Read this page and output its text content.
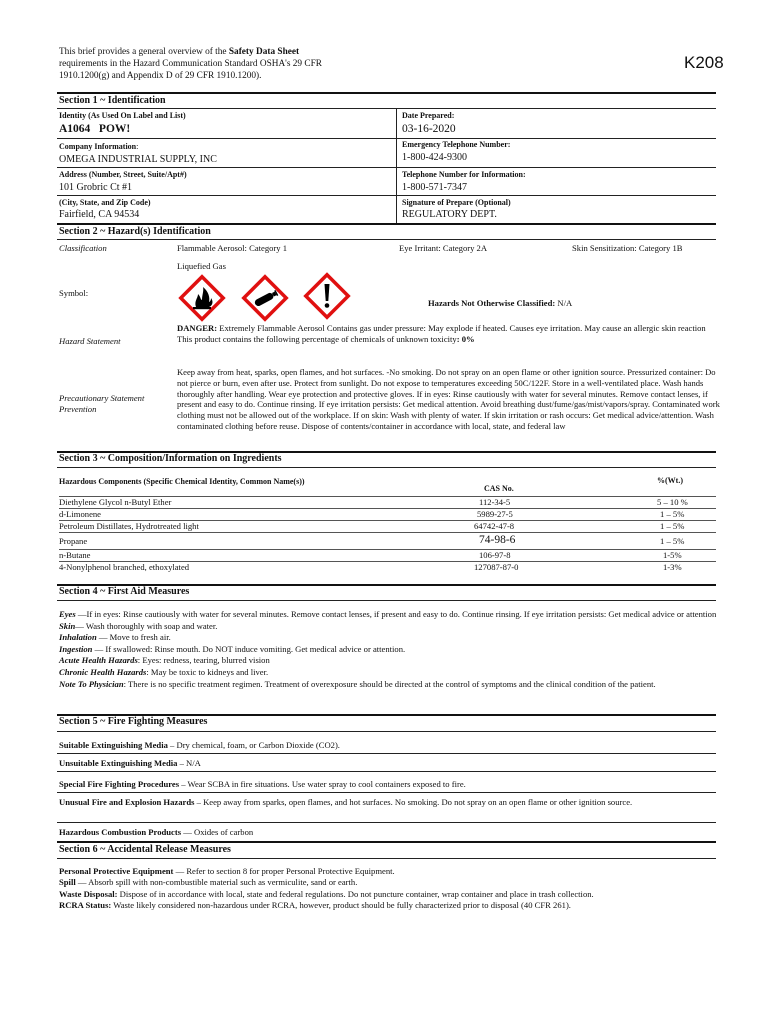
This brief provides a general overview of the Safety Data Sheet
requirements in the Hazard Communication Standard OSHA's 29 CFR
1910.1200(g) and Appendix D of 29 CFR 1910.1200).
K208
Section 1 ~ Identification
Identity (As Used On Label and List)
A1064   POW!
Date Prepared:
03-16-2020
Company Information:
OMEGA INDUSTRIAL SUPPLY, INC
Emergency Telephone Number:
1-800-424-9300
Address (Number, Street, Suite/Apt#)
101 Grobric Ct #1
Telephone Number for Information:
1-800-571-7347
(City, State, and Zip Code)
Fairfield, CA 94534
Signature of Prepare (Optional)
REGULATORY DEPT.
Section 2 ~ Hazard(s) Identification
Classification	Flammable Aerosol: Category 1	Eye Irritant: Category 2A	Skin Sensitization: Category 1B
Liquefied Gas
Symbol:
Hazards Not Otherwise Classified: N/A
Hazard Statement
DANGER: Extremely Flammable Aerosol Contains gas under pressure: May explode if heated. Causes eye irritation. May cause an allergic skin reaction
This product contains the following percentage of chemicals of unknown toxicity: 0%
Precautionary Statement
Prevention
Keep away from heat, sparks, open flames, and hot surfaces. -No smoking. Do not spray on an open flame or other ignition source. Pressurized container: Do not pierce or burn, even after use. Protect from sunlight. Do not expose to temperatures exceeding 50C/122F. Store in a well-ventilated place. Wash hands thoroughly after handling. Wear eye protection and protective gloves. If in eyes: Rinse cautiously with water for several minutes. Remove contact lenses, if present and easy to do. Continue rinsing. If eye irritation persists: Get medical attention. Avoid breathing dust/fume/gas/mist/vapors/spray. Contaminated work clothing must not be allowed out of the workplace. If on skin: Wash with plenty of water. If skin irritation or rash occurs: Get medical advice/attention. Wash contaminated clothing before reuse. Dispose of contents/container in accordance with local, state, and federal law
Section 3 ~ Composition/Information on Ingredients
Hazardous Components (Specific Chemical Identity, Common Name(s))
CAS No.
%(Wt.)
Diethylene Glycol n-Butyl Ether	112-34-5	5 – 10 %
d-Limonene	5989-27-5	1 – 5%
Petroleum Distillates, Hydrotreated light	64742-47-8	1 – 5%
Propane	74-98-6	1 – 5%
n-Butane	106-97-8	1-5%
4-Nonylphenol branched, ethoxylated	127087-87-0	1-3%
Section 4 ~ First Aid Measures

Eyes —If in eyes: Rinse cautiously with water for several minutes. Remove contact lenses, if present and easy to do. Continue rinsing. If eye irritation persists: Get medical advice or attention

Skin— Wash thoroughly with soap and water.

Inhalation — Move to fresh air.

Ingestion — If swallowed: Rinse mouth. Do NOT induce vomiting. Get medical advice or attention.

Acute Health Hazards: Eyes: redness, tearing, blurred vision

Chronic Health Hazards: May be toxic to kidneys and liver.

Note To Physician: There is no specific treatment regimen. Treatment of overexposure should be directed at the control of symptoms and the clinical condition of the patient.

Section 5 ~ Fire Fighting Measures
Suitable Extinguishing Media – Dry chemical, foam, or Carbon Dioxide (CO2).
Unsuitable Extinguishing Media – N/A
Special Fire Fighting Procedures – Wear SCBA in fire situations. Use water spray to cool containers exposed to fire.
Unusual Fire and Explosion Hazards – Keep away from sparks, open flames, and hot surfaces. No smoking. Do not spray on an open flame or other ignition source.
Hazardous Combustion Products — Oxides of carbon
Section 6 ~ Accidental Release Measures

Personal Protective Equipment — Refer to section 8 for proper Personal Protective Equipment.

Spill — Absorb spill with non-combustible material such as vermiculite, sand or earth.

Waste Disposal: Dispose of in accordance with local, state and federal regulations. Do not puncture container, wrap container and place in trash collection.

RCRA Status: Waste likely considered non-hazardous under RCRA, however, product should be fully characterized prior to disposal (40 CFR 261).
